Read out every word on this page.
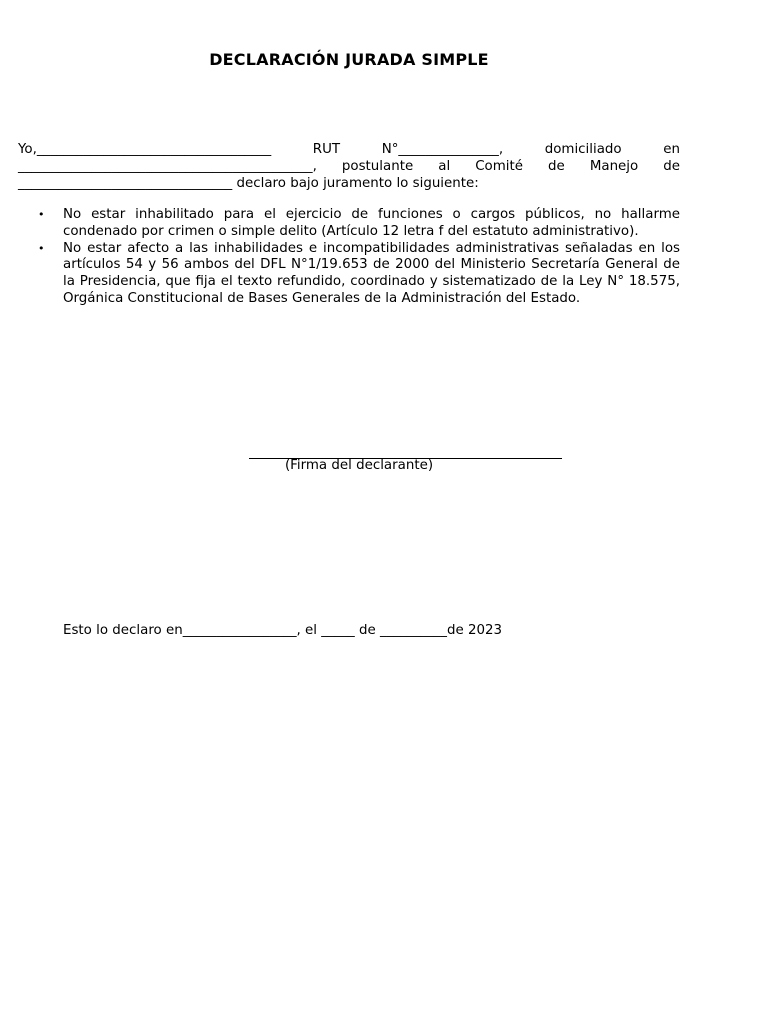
DECLARACIÓN JURADA SIMPLE
Yo,___________________________________	RUT	N°_______________,	domiciliado	en
____________________________________________, postulante al Comité de Manejo de
________________________________ declaro bajo juramento lo siguiente:
• No estar inhabilitado para el ejercicio de funciones o cargos públicos, no hallarme condenado por crimen o simple delito (Artículo 12 letra f del estatuto administrativo).
• No estar afecto a las inhabilidades e incompatibilidades administrativas señaladas en los artículos 54 y 56 ambos del DFL N°1/19.653 de 2000 del Ministerio Secretaría General de la Presidencia, que fija el texto refundido, coordinado y sistematizado de la Ley N° 18.575, Orgánica Constitucional de Bases Generales de la Administración del Estado.
(Firma del declarante)
Esto lo declaro en_________________, el _____ de __________de 2023
